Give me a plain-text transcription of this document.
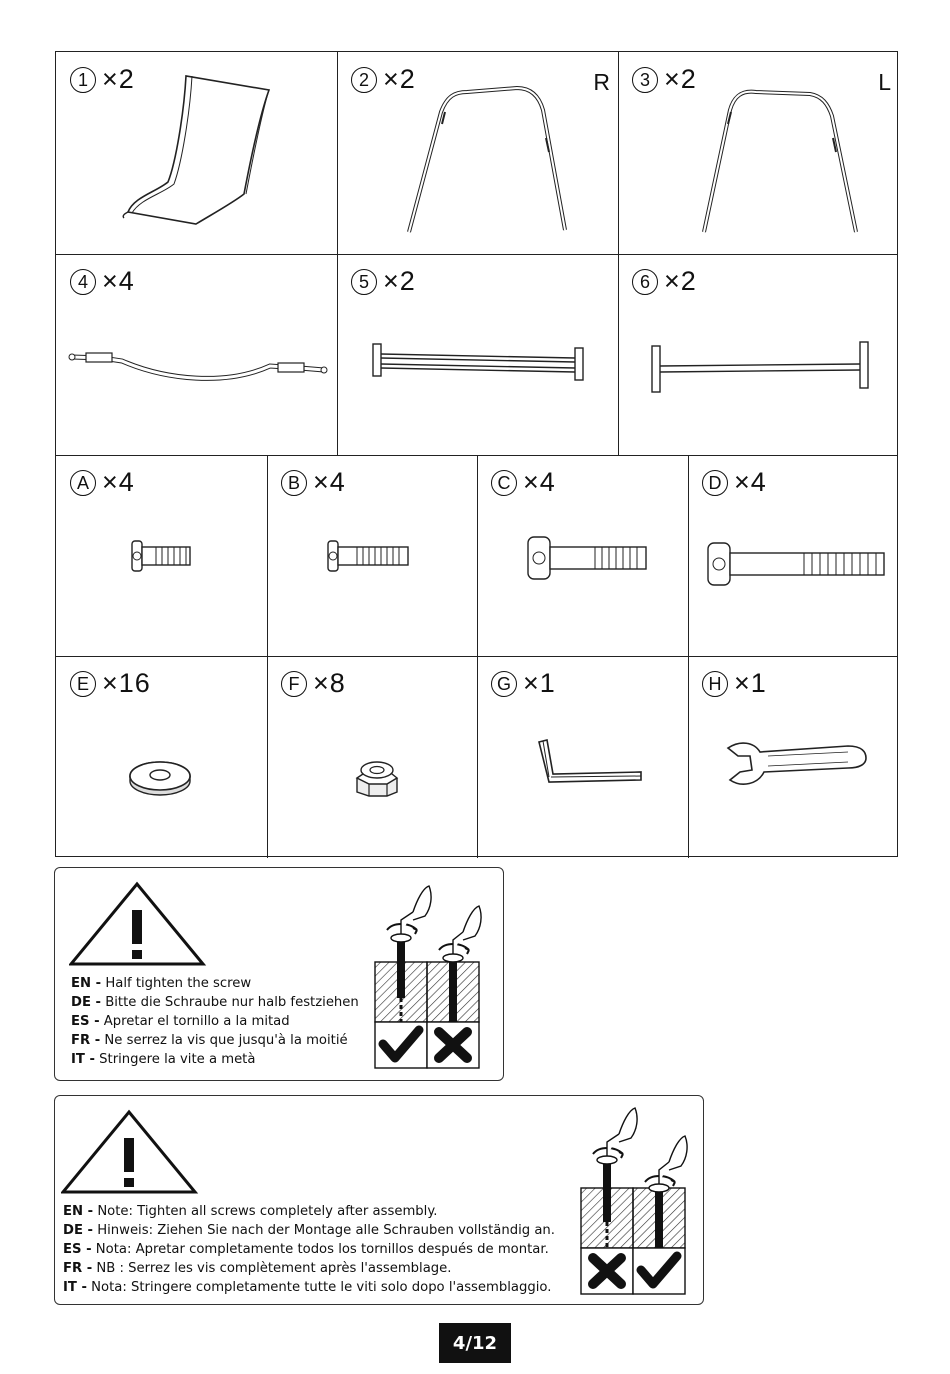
1 ×2	2 ×2	R	3 ×2	L
4 ×4	5 ×2	6 ×2
A ×4	B ×4	C ×4	D ×4
E ×16	F ×8	G ×1	H ×1
EN - Half tighten the screw
DE - Bitte die Schraube nur halb festziehen
ES - Apretar el tornillo a la mitad
FR - Ne serrez la vis que jusqu'à la moitié
IT - Stringere la vite a metà
EN - Note: Tighten all screws completely after assembly.
DE - Hinweis: Ziehen Sie nach der Montage alle Schrauben vollständig an.
ES - Nota: Apretar completamente todos los tornillos después de montar.
FR - NB : Serrez les vis complètement après l'assemblage.
IT - Nota: Stringere completamente tutte le viti solo dopo l'assemblaggio.
4/12
